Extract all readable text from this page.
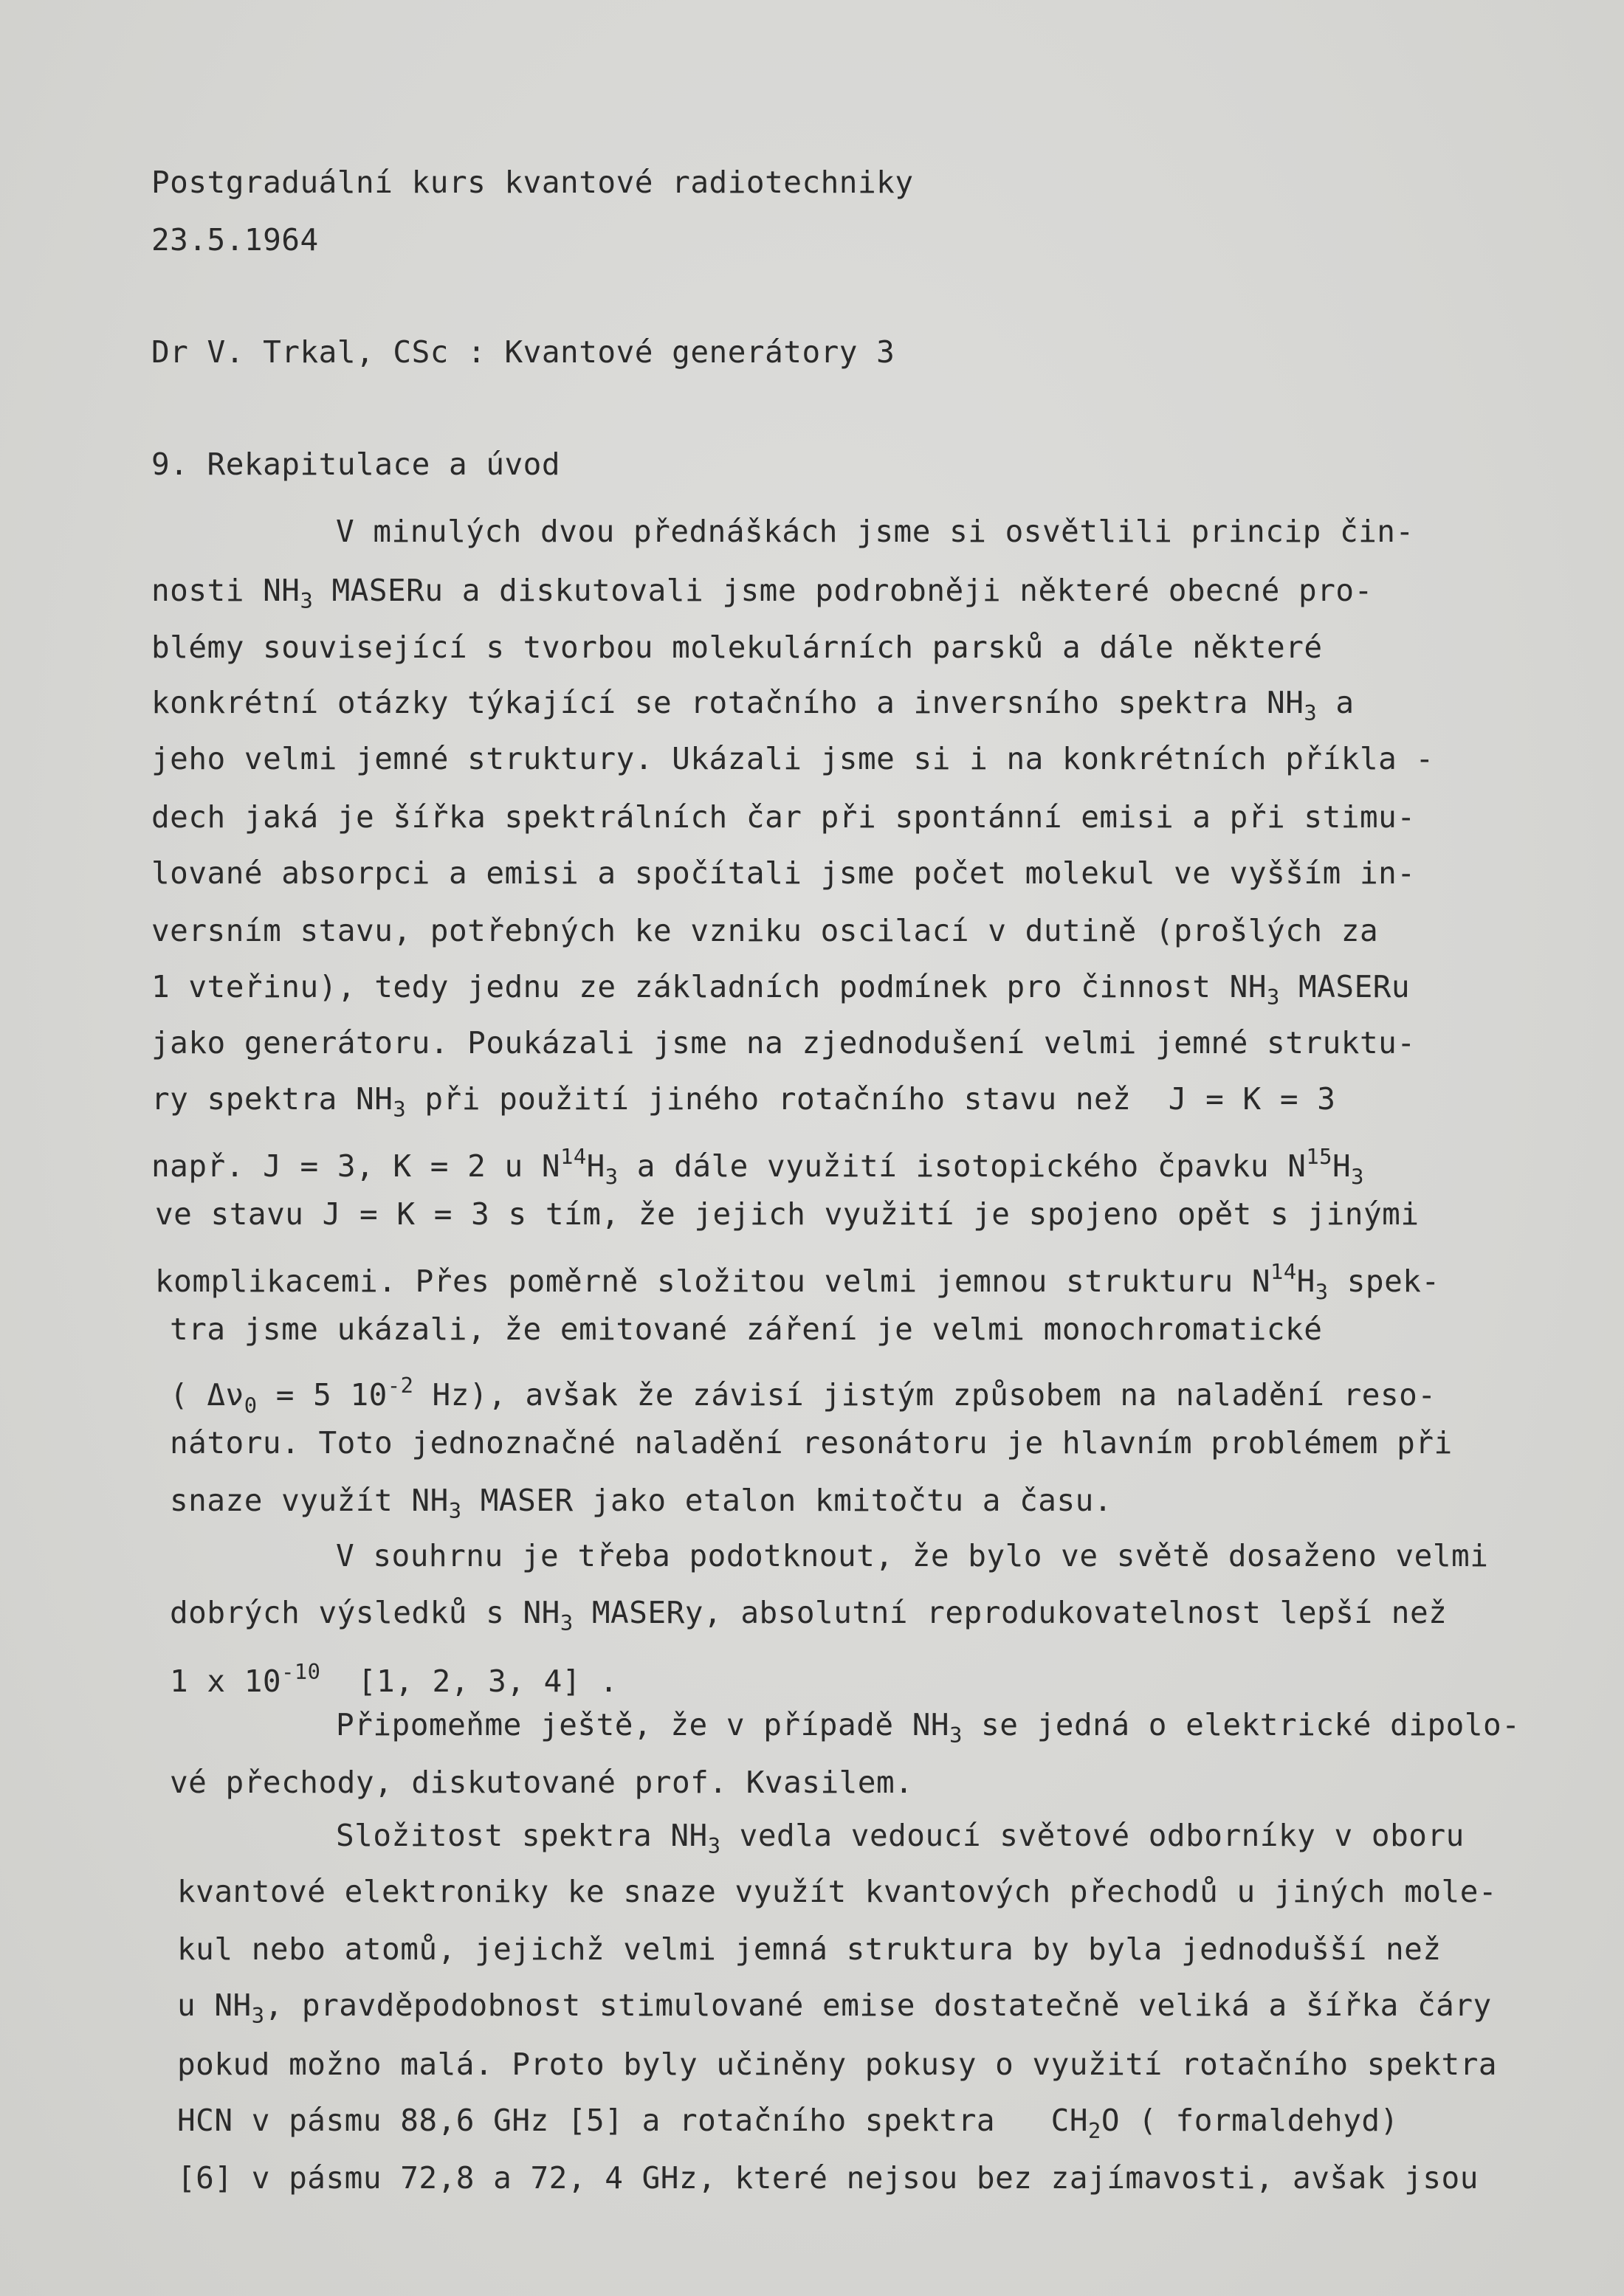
Postgraduální kurs kvantové radiotechniky
23.5.1964
Dr V. Trkal, CSc : Kvantové generátory 3
9. Rekapitulace a úvod
V minulých dvou přednáškách jsme si osvětlili princip čin-
nosti $NH_3$ MASERu a diskutovali jsme podrobněji některé obecné pro-
blémy související s tvorbou molekulárních parsků a dále některé
konkrétní otázky týkající se rotačního a inversního spektra $NH_3$ a
jeho velmi jemné struktury. Ukázali jsme si i na konkrétních příkla -
dech jaká je šířka spektrálních čar při spontánní emisi a při stimu-
lované absorpci a emisi a spočítali jsme počet molekul ve vyšším in-
versním stavu, potřebných ke vzniku oscilací v dutině (prošlých za
1 vteřinu), tedy jednu ze základních podmínek pro činnost $NH_3$ MASERu
jako generátoru. Poukázali jsme na zjednodušení velmi jemné struktu-
ry spektra $NH_3$ při použití jiného rotačního stavu než  J = K = 3
např. J = 3, K = 2 u $N^{14}H_3$ a dále využití isotopického čpavku $N^{15}H_3$
ve stavu J = K = 3 s tím, že jejich využití je spojeno opět s jinými
komplikacemi. Přes poměrně složitou velmi jemnou strukturu $N^{14}H_3$ spek-
tra jsme ukázali, že emitované záření je velmi monochromatické
( $\Delta\nu_0 = 5$ $10^{-2}$ Hz), avšak že závisí jistým způsobem na naladění reso-
nátoru. Toto jednoznačné naladění resonátoru je hlavním problémem při
snaze využít $NH_3$ MASER jako etalon kmitočtu a času.
V souhrnu je třeba podotknout, že bylo ve světě dosaženo velmi
dobrých výsledků s $NH_3$ MASERy, absolutní reprodukovatelnost lepší než
1 x $10^{-10}$  [1, 2, 3, 4] .
Připomeňme ještě, že v případě $NH_3$ se jedná o elektrické dipolo-
vé přechody, diskutované prof. Kvasilem.
Složitost spektra $NH_3$ vedla vedoucí světové odborníky v oboru
kvantové elektroniky ke snaze využít kvantových přechodů u jiných mole-
kul nebo atomů, jejichž velmi jemná struktura by byla jednodušší než
u $NH_3$, pravděpodobnost stimulované emise dostatečně veliká a šířka čáry
pokud možno malá. Proto byly učiněny pokusy o využití rotačního spektra
HCN v pásmu 88,6 GHz [5] a rotačního spektra   $CH_2O$ ( formaldehyd)
[6] v pásmu 72,8 a 72, 4 GHz, které nejsou bez zajímavosti, avšak jsou
